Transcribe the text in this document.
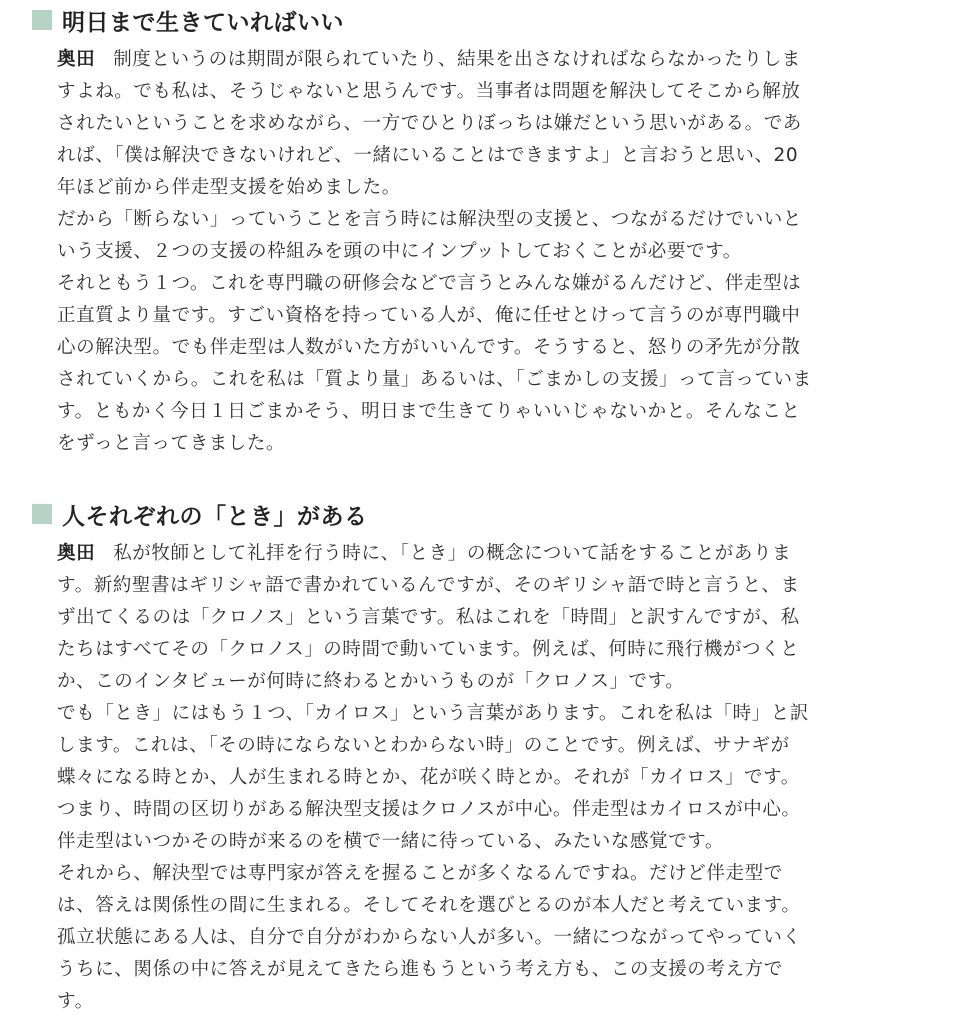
明日まで生きていればいい
奥田 制度というのは期間が限られていたり、結果を出さなければならなかったりしま
すよね。でも私は、そうじゃないと思うんです。当事者は問題を解決してそこから解放
されたいということを求めながら、一方でひとりぼっちは嫌だという思いがある。であ
れば、「僕は解決できないけれど、一緒にいることはできますよ」と言おうと思い、20
年ほど前から伴走型支援を始めました。
だから「断らない」っていうことを言う時には解決型の支援と、つながるだけでいいと
いう支援、２つの支援の枠組みを頭の中にインプットしておくことが必要です。
それともう１つ。これを専門職の研修会などで言うとみんな嫌がるんだけど、伴走型は
正直質より量です。すごい資格を持っている人が、俺に任せとけって言うのが専門職中
心の解決型。でも伴走型は人数がいた方がいいんです。そうすると、怒りの矛先が分散
されていくから。これを私は「質より量」あるいは、「ごまかしの支援」って言っていま
す。ともかく今日１日ごまかそう、明日まで生きてりゃいいじゃないかと。そんなこと
をずっと言ってきました。
人それぞれの「とき」がある
奥田 私が牧師として礼拝を行う時に、「とき」の概念について話をすることがありま
す。新約聖書はギリシャ語で書かれているんですが、そのギリシャ語で時と言うと、ま
ず出てくるのは「クロノス」という言葉です。私はこれを「時間」と訳すんですが、私
たちはすべてその「クロノス」の時間で動いています。例えば、何時に飛行機がつくと
か、このインタビューが何時に終わるとかいうものが「クロノス」です。
でも「とき」にはもう１つ、「カイロス」という言葉があります。これを私は「時」と訳
します。これは、「その時にならないとわからない時」のことです。例えば、サナギが
蝶々になる時とか、人が生まれる時とか、花が咲く時とか。それが「カイロス」です。
つまり、時間の区切りがある解決型支援はクロノスが中心。伴走型はカイロスが中心。
伴走型はいつかその時が来るのを横で一緒に待っている、みたいな感覚です。
それから、解決型では専門家が答えを握ることが多くなるんですね。だけど伴走型で
は、答えは関係性の間に生まれる。そしてそれを選びとるのが本人だと考えています。
孤立状態にある人は、自分で自分がわからない人が多い。一緒につながってやっていく
うちに、関係の中に答えが見えてきたら進もうという考え方も、この支援の考え方で
す。
